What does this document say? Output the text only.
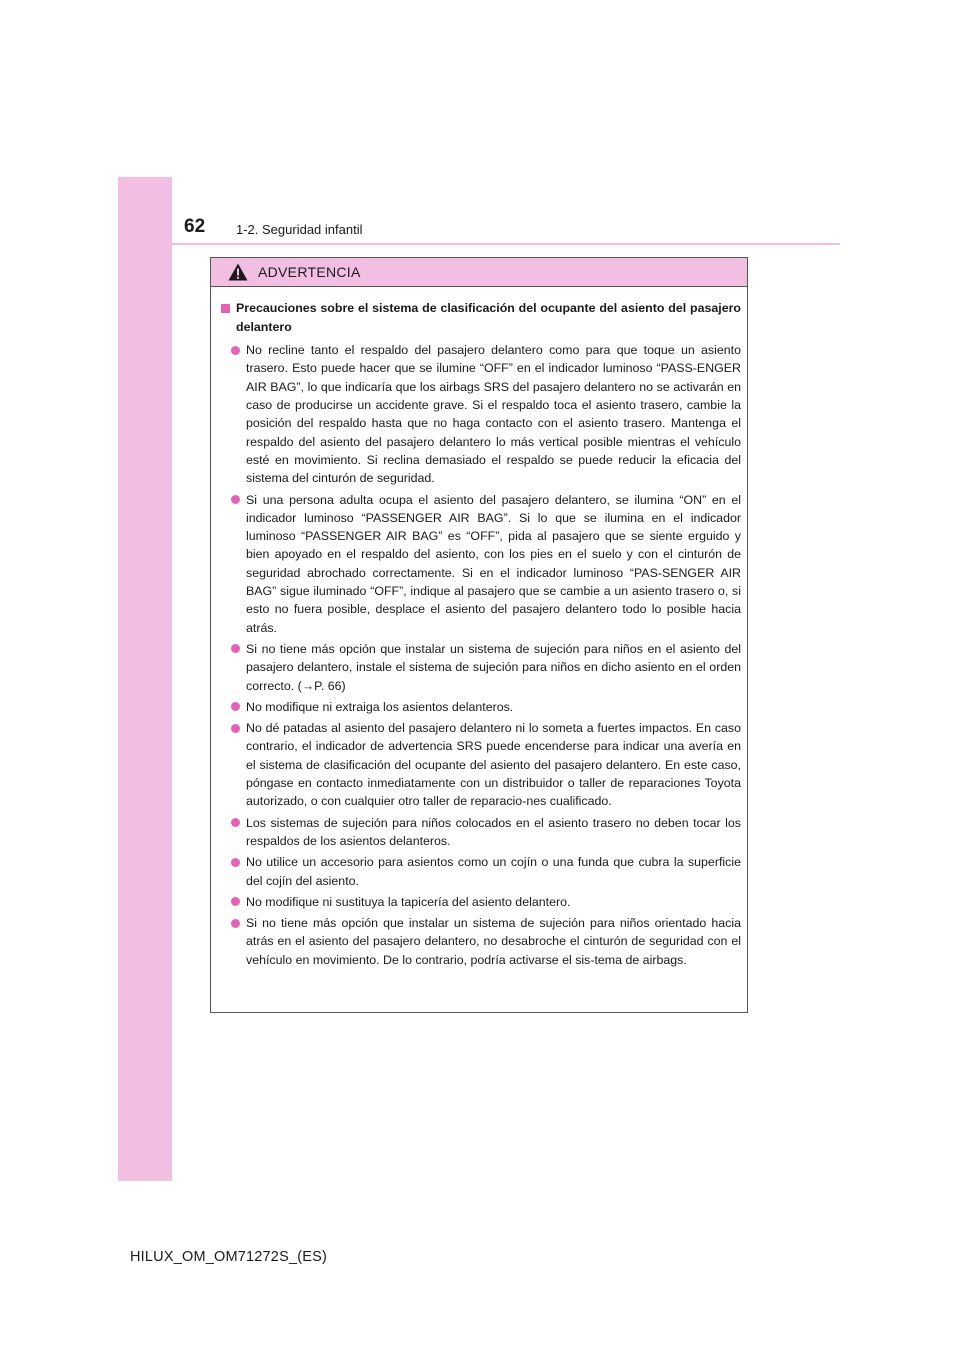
62 1-2. Seguridad infantil
ADVERTENCIA
Precauciones sobre el sistema de clasificación del ocupante del asiento del pasajero delantero
No recline tanto el respaldo del pasajero delantero como para que toque un asiento trasero. Esto puede hacer que se ilumine “OFF” en el indicador luminoso “PASS-ENGER AIR BAG”, lo que indicaría que los airbags SRS del pasajero delantero no se activarán en caso de producirse un accidente grave. Si el respaldo toca el asiento trasero, cambie la posición del respaldo hasta que no haga contacto con el asiento trasero. Mantenga el respaldo del asiento del pasajero delantero lo más vertical posible mientras el vehículo esté en movimiento. Si reclina demasiado el respaldo se puede reducir la eficacia del sistema del cinturón de seguridad.
Si una persona adulta ocupa el asiento del pasajero delantero, se ilumina “ON” en el indicador luminoso “PASSENGER AIR BAG”. Si lo que se ilumina en el indicador luminoso “PASSENGER AIR BAG” es “OFF”, pida al pasajero que se siente erguido y bien apoyado en el respaldo del asiento, con los pies en el suelo y con el cinturón de seguridad abrochado correctamente. Si en el indicador luminoso “PAS-SENGER AIR BAG” sigue iluminado “OFF”, indique al pasajero que se cambie a un asiento trasero o, si esto no fuera posible, desplace el asiento del pasajero delantero todo lo posible hacia atrás.
Si no tiene más opción que instalar un sistema de sujeción para niños en el asiento del pasajero delantero, instale el sistema de sujeción para niños en dicho asiento en el orden correcto. (→P. 66)
No modifique ni extraiga los asientos delanteros.
No dé patadas al asiento del pasajero delantero ni lo someta a fuertes impactos. En caso contrario, el indicador de advertencia SRS puede encenderse para indicar una avería en el sistema de clasificación del ocupante del asiento del pasajero delantero. En este caso, póngase en contacto inmediatamente con un distribuidor o taller de reparaciones Toyota autorizado, o con cualquier otro taller de reparacio-nes cualificado.
Los sistemas de sujeción para niños colocados en el asiento trasero no deben tocar los respaldos de los asientos delanteros.
No utilice un accesorio para asientos como un cojín o una funda que cubra la superficie del cojín del asiento.
No modifique ni sustituya la tapicería del asiento delantero.
Si no tiene más opción que instalar un sistema de sujeción para niños orientado hacia atrás en el asiento del pasajero delantero, no desabroche el cinturón de seguridad con el vehículo en movimiento. De lo contrario, podría activarse el sis-tema de airbags.
HILUX_OM_OM71272S_(ES)
